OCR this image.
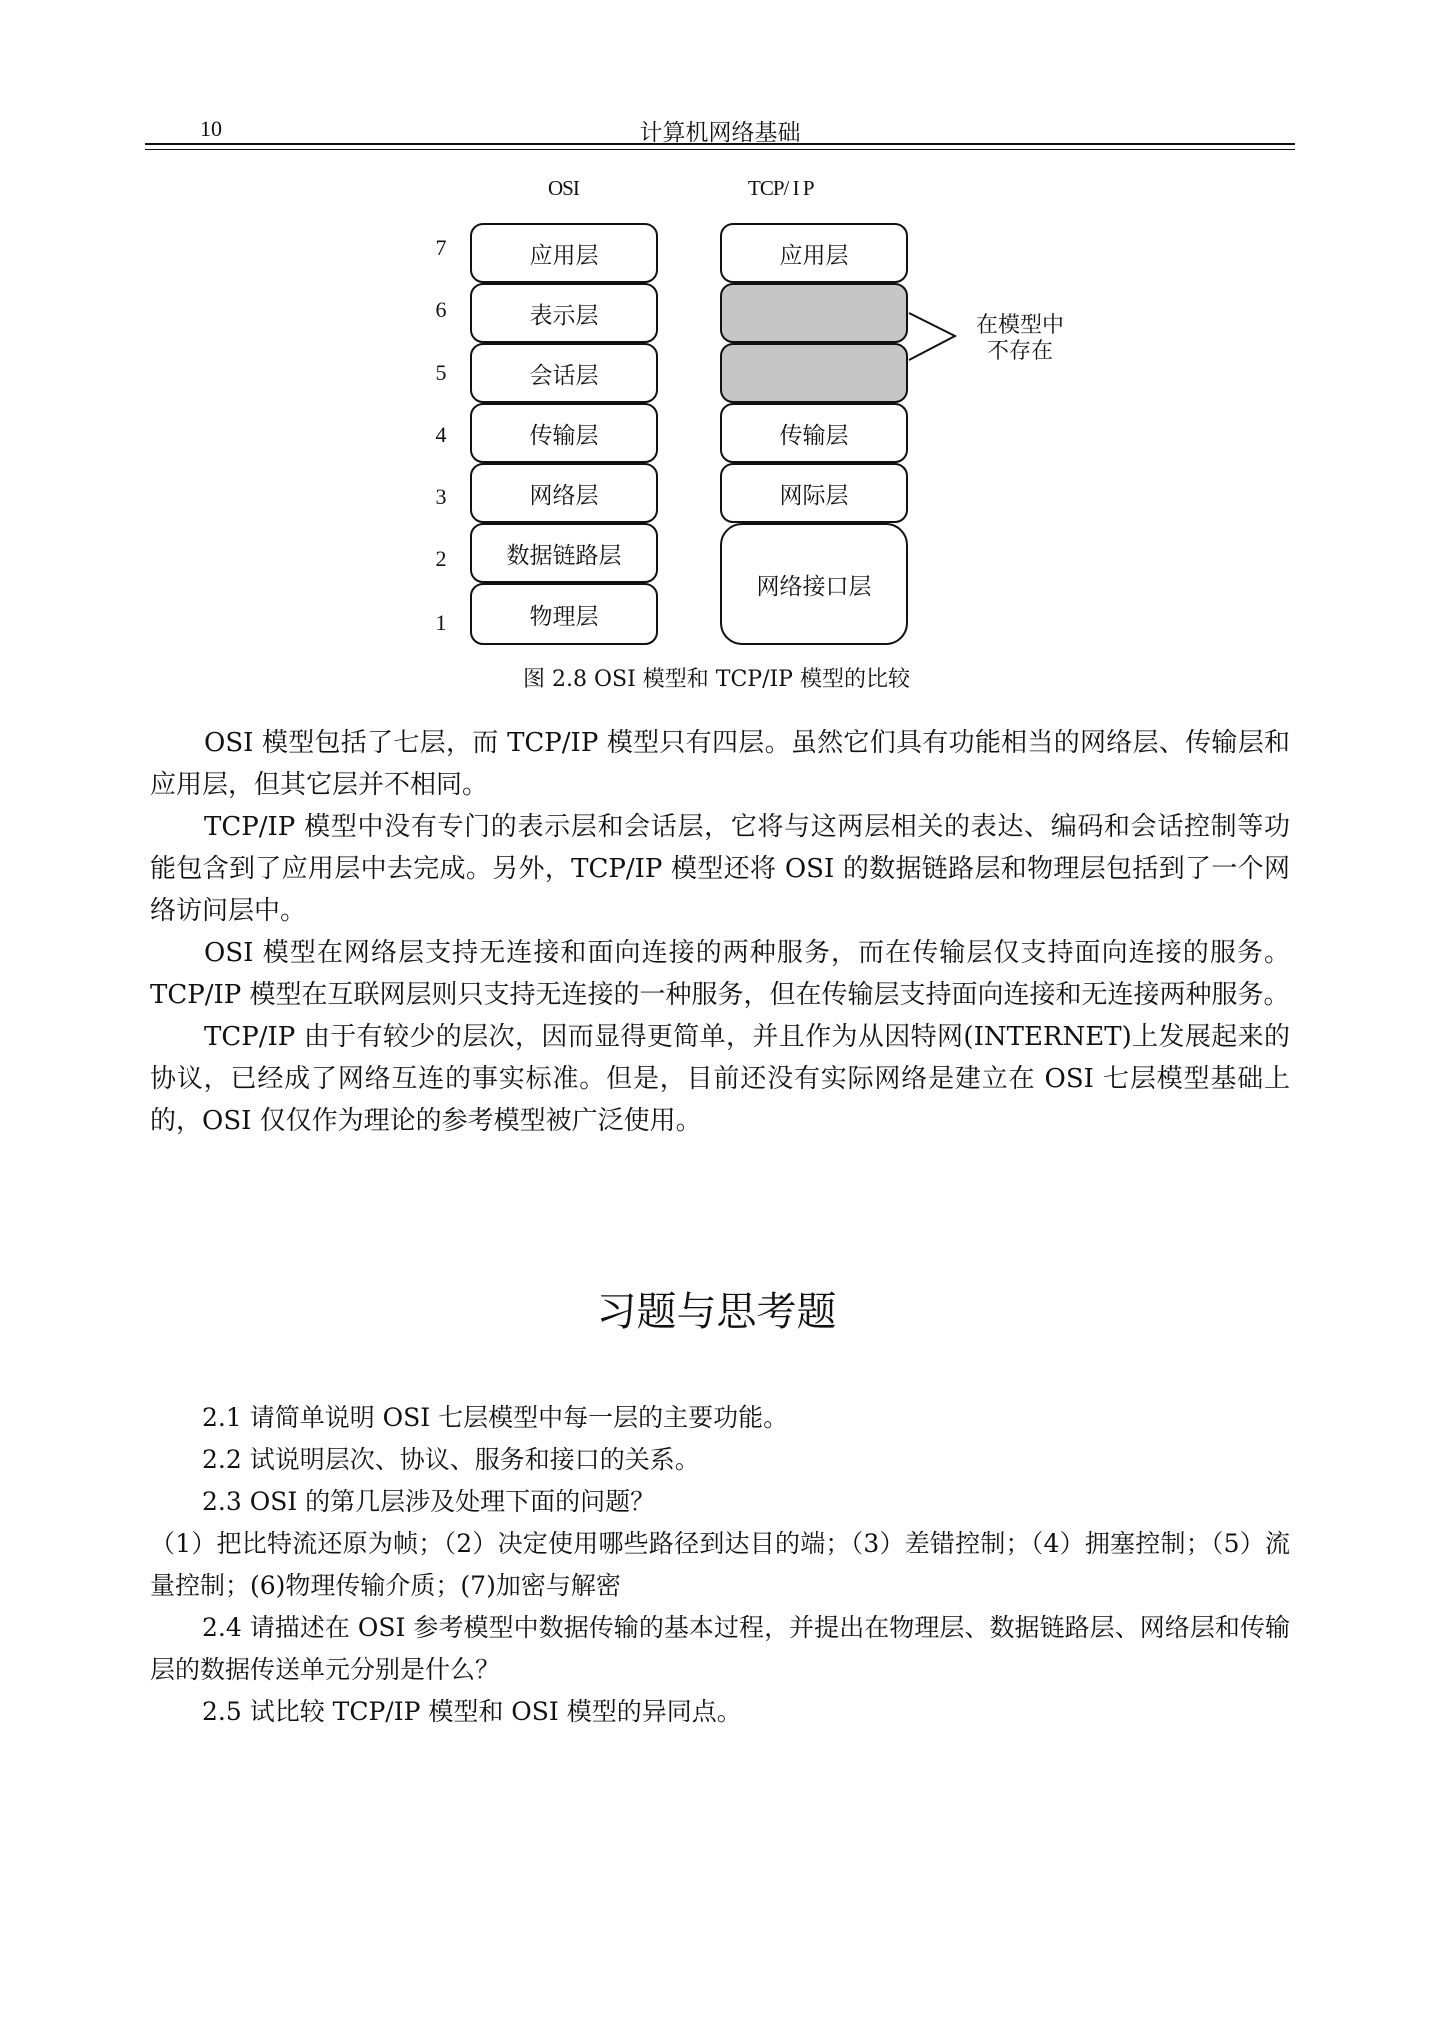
10	计算机网络基础
OSI	TCP/ I P
7
6
5
4
3
2
1
应用层
表示层
会话层
传输层
网络层
数据链路层
物理层
应用层
传输层
网际层
网络接口层
在模型中
不存在
图 2.8 OSI 模型和 TCP/IP 模型的比较

OSI 模型包括了七层，而 TCP/IP 模型只有四层。虽然它们具有功能相当的网络层、传输层和应用层，但其它层并不相同。

TCP/IP 模型中没有专门的表示层和会话层，它将与这两层相关的表达、编码和会话控制等功能包含到了应用层中去完成。另外，TCP/IP 模型还将 OSI 的数据链路层和物理层包括到了一个网络访问层中。

OSI 模型在网络层支持无连接和面向连接的两种服务，而在传输层仅支持面向连接的服务。TCP/IP 模型在互联网层则只支持无连接的一种服务，但在传输层支持面向连接和无连接两种服务。

TCP/IP 由于有较少的层次，因而显得更简单，并且作为从因特网(INTERNET)上发展起来的协议，已经成了网络互连的事实标准。但是，目前还没有实际网络是建立在 OSI 七层模型基础上的，OSI 仅仅作为理论的参考模型被广泛使用。

习题与思考题

2.1 请简单说明 OSI 七层模型中每一层的主要功能。

2.2 试说明层次、协议、服务和接口的关系。

2.3 OSI 的第几层涉及处理下面的问题？

（1）把比特流还原为帧；（2）决定使用哪些路径到达目的端；（3）差错控制；（4）拥塞控制；（5）流量控制；(6)物理传输介质；(7)加密与解密

2.4 请描述在 OSI 参考模型中数据传输的基本过程，并提出在物理层、数据链路层、网络层和传输层的数据传送单元分别是什么？

2.5 试比较 TCP/IP 模型和 OSI 模型的异同点。
